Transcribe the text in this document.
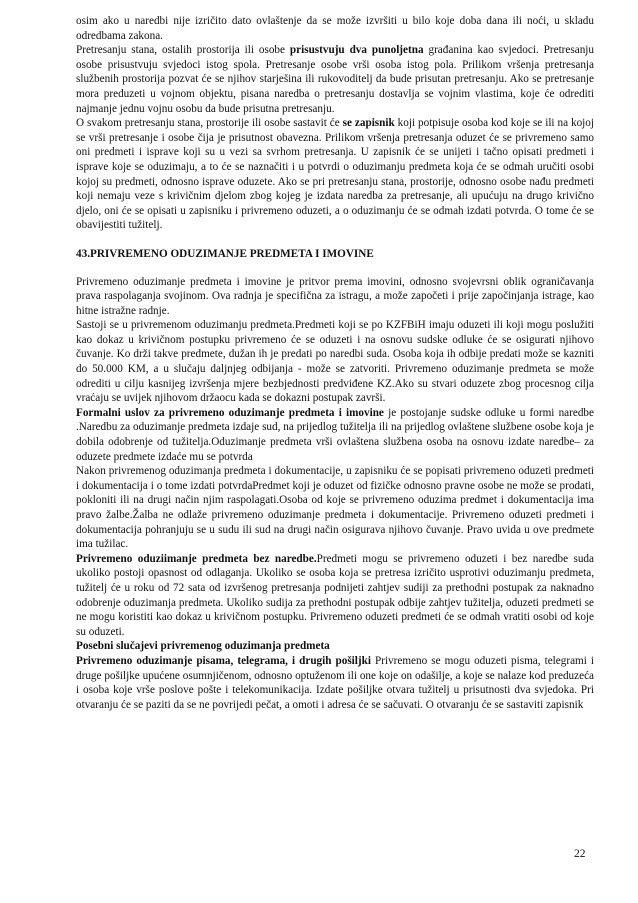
osim ako u naredbi nije izričito dato ovlaštenje da se može izvršiti u bilo koje doba dana ili noći, u skladu odredbama zakona.

Pretresanju stana, ostalih prostorija ili osobe prisustvuju dva punoljetna građanina kao svjedoci. Pretresanju osobe prisustvuju svjedoci istog spola. Pretresanje osobe vrši osoba istog pola. Prilikom vršenja pretresanja službenih prostorija pozvat će se njihov starješina ili rukovoditelj da bude prisutan pretresanju. Ako se pretresanje mora preduzeti u vojnom objektu, pisana naredba o pretresanju dostavlja se vojnim vlastima, koje će odrediti najmanje jednu vojnu osobu da bude prisutna pretresanju.

O svakom pretresanju stana, prostorije ili osobe sastavit će se zapisnik koji potpisuje osoba kod koje se ili na kojoj se vrši pretresanje i osobe čija je prisutnost obavezna. Prilikom vršenja pretresanja oduzet će se privremeno samo oni predmeti i isprave koji su u vezi sa svrhom pretresanja. U zapisnik će se unijeti i tačno opisati predmeti i isprave koje se oduzimaju, a to će se naznačiti i u potvrdi o oduzimanju predmeta koja će se odmah uručiti osobi kojoj su predmeti, odnosno isprave oduzete. Ako se pri pretresanju stana, prostorije, odnosno osobe nađu predmeti koji nemaju veze s krivičnim djelom zbog kojeg je izdata naredba za pretresanje, ali upućuju na drugo krivično djelo, oni će se opisati u zapisniku i privremeno oduzeti, a o oduzimanju će se odmah izdati potvrda. O tome će se obavijestiti tužitelj.

43.PRIVREMENO ODUZIMANJE PREDMETA I IMOVINE

Privremeno oduzimanje predmeta i imovine je pritvor prema imovini, odnosno svojevrsni oblik ograničavanja prava raspolaganja svojinom. Ova radnja je specifična za istragu, a može započeti i prije započinjanja istrage, kao hitne istražne radnje.

Sastoji se u privremenom oduzimanju predmeta.Predmeti koji se po KZFBiH imaju oduzeti ili koji mogu poslužiti kao dokaz u krivičnom postupku privremeno će se oduzeti i na osnovu sudske odluke će se osigurati njihovo čuvanje. Ko drži takve predmete, dužan ih je predati po naredbi suda. Osoba koja ih odbije predati može se kazniti do 50.000 KM, a u slučaju daljnjeg odbijanja - može se zatvoriti. Privremeno oduzimanje predmeta se može odrediti u cilju kasnijeg izvršenja mjere bezbjednosti predviđene KZ.Ako su stvari oduzete zbog procesnog cilja vraćaju se uvijek njihovom držaocu kada se dokazni postupak završi.

Formalni uslov za privremeno oduzimanje predmeta i imovine je postojanje sudske odluke u formi naredbe .Naredbu za oduzimanje predmeta izdaje sud, na prijedlog tužitelja ili na prijedlog ovlaštene službene osobe koja je dobila odobrenje od tužitelja.Oduzimanje predmeta vrši ovlaštena službena osoba na osnovu izdate naredbe– za oduzete predmete izdaće mu se potvrda

Nakon privremenog oduzimanja predmeta i dokumentacije, u zapisniku će se popisati privremeno oduzeti predmeti i dokumentacija i o tome izdati potvrdaPredmet koji je oduzet od fizičke odnosno pravne osobe ne može se prodati, pokloniti ili na drugi način njim raspolagati.Osoba od koje se privremeno oduzima predmet i dokumentacija ima pravo žalbe.Žalba ne odlaže privremeno oduzimanje predmeta i dokumentacije. Privremeno oduzeti predmeti i dokumentacija pohranjuju se u sudu ili sud na drugi način osigurava njihovo čuvanje. Pravo uvida u ove predmete ima tužilac.

Privremeno oduziimanje predmeta bez naredbe.Predmeti mogu se privremeno oduzeti i bez naredbe suda ukoliko postoji opasnost od odlaganja. Ukoliko se osoba koja se pretresa izričito usprotivi oduzimanju predmeta, tužitelj će u roku od 72 sata od izvršenog pretresanja podnijeti zahtjev sudiji za prethodni postupak za naknadno odobrenje oduzimanja predmeta. Ukoliko sudija za prethodni postupak odbije zahtjev tužitelja, oduzeti predmeti se ne mogu koristiti kao dokaz u krivičnom postupku. Privremeno oduzeti predmeti će se odmah vratiti osobi od koje su oduzeti.

Posebni slučajevi privremenog oduzimanja predmeta

Privremeno oduzimanje pisama, telegrama, i drugih pošiljki Privremeno se mogu oduzeti pisma, telegrami i druge pošiljke upućene osumnjičenom, odnosno optuženom ili one koje on odašilje, a koje se nalaze kod preduzeća i osoba koje vrše poslove pošte i telekomunikacija. Izdate pošiljke otvara tužitelj u prisutnosti dva svjedoka. Pri otvaranju će se paziti da se ne povrijedi pečat, a omoti i adresa će se sačuvati. O otvaranju će se sastaviti zapisnik

22
